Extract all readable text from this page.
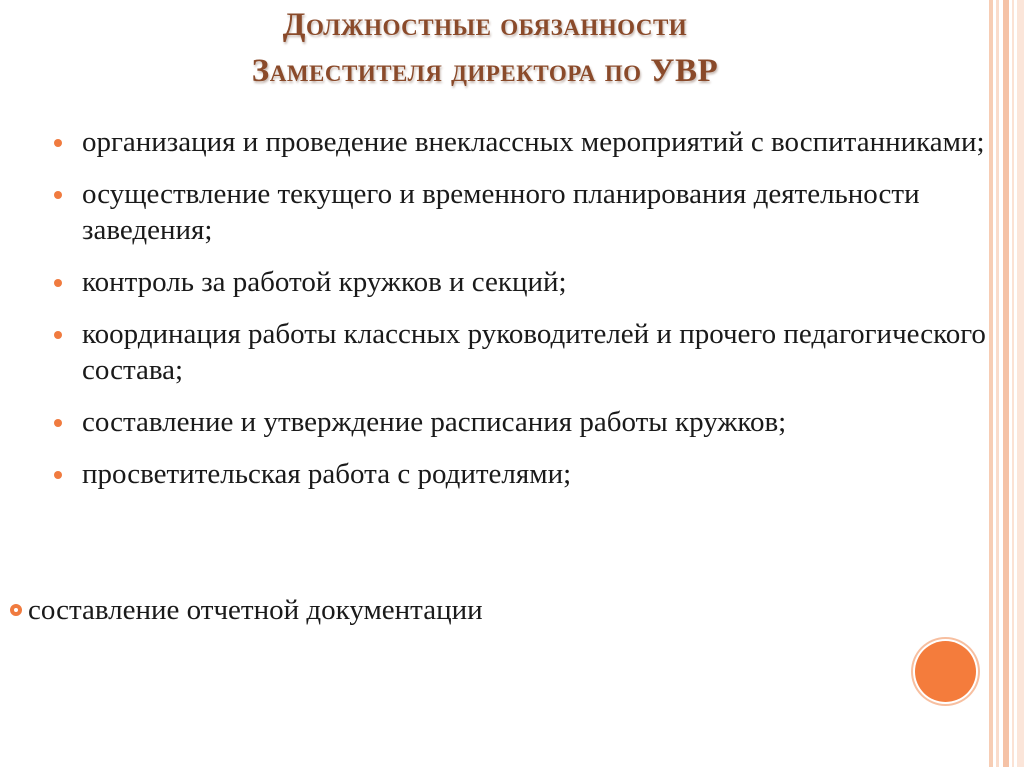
Должностные обязанности
Заместителя директора по УВР
организация и проведение внеклассных мероприятий с воспитанниками;
осуществление текущего и временного планирования деятельности заведения;
контроль за работой кружков и секций;
координация работы классных руководителей и прочего педагогического состава;
составление и утверждение расписания работы кружков;
просветительская работа с родителями;
составление отчетной документации
